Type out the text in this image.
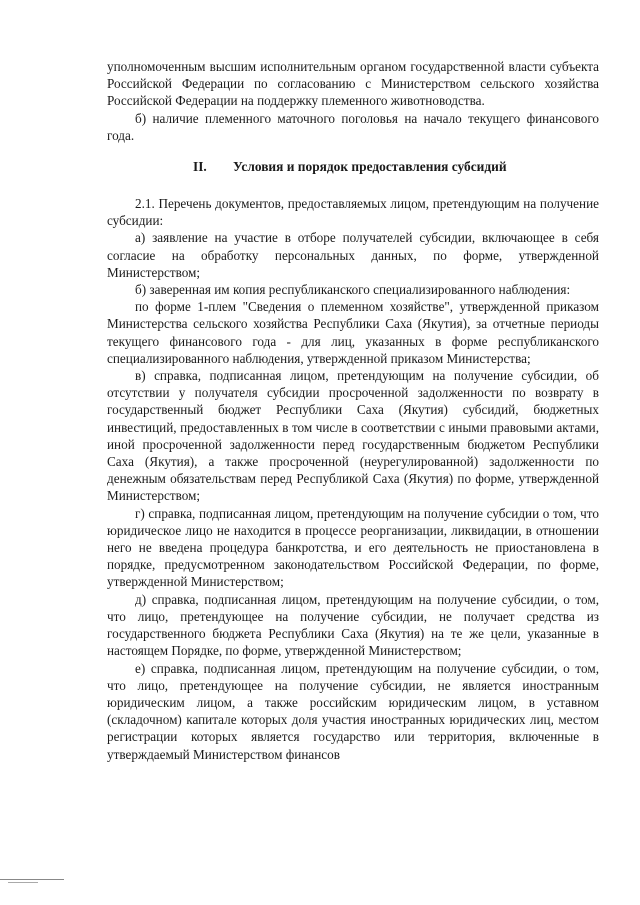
уполномоченным высшим исполнительным органом государственной власти субъекта Российской Федерации по согласованию с Министерством сельского хозяйства Российской Федерации на поддержку племенного животноводства.

б) наличие племенного маточного поголовья на начало текущего финансового года.

II. Условия и порядок предоставления субсидий

2.1. Перечень документов, предоставляемых лицом, претендующим на получение субсидии:

а) заявление на участие в отборе получателей субсидии, включающее в себя согласие на обработку персональных данных, по форме, утвержденной Министерством;

б) заверенная им копия республиканского специализированного наблюдения:

по форме 1-плем "Сведения о племенном хозяйстве", утвержденной приказом Министерства сельского хозяйства Республики Саха (Якутия), за отчетные периоды текущего финансового года - для лиц, указанных в форме республиканского специализированного наблюдения, утвержденной приказом Министерства;

в) справка, подписанная лицом, претендующим на получение субсидии, об отсутствии у получателя субсидии просроченной задолженности по возврату в государственный бюджет Республики Саха (Якутия) субсидий, бюджетных инвестиций, предоставленных в том числе в соответствии с иными правовыми актами, иной просроченной задолженности перед государственным бюджетом Республики Саха (Якутия), а также просроченной (неурегулированной) задолженности по денежным обязательствам перед Республикой Саха (Якутия) по форме, утвержденной Министерством;

г) справка, подписанная лицом, претендующим на получение субсидии о том, что юридическое лицо не находится в процессе реорганизации, ликвидации, в отношении него не введена процедура банкротства, и его деятельность не приостановлена в порядке, предусмотренном законодательством Российской Федерации, по форме, утвержденной Министерством;

д) справка, подписанная лицом, претендующим на получение субсидии, о том, что лицо, претендующее на получение субсидии, не получает средства из государственного бюджета Республики Саха (Якутия) на те же цели, указанные в настоящем Порядке, по форме, утвержденной Министерством;

е) справка, подписанная лицом, претендующим на получение субсидии, о том, что лицо, претендующее на получение субсидии, не является иностранным юридическим лицом, а также российским юридическим лицом, в уставном (складочном) капитале которых доля участия иностранных юридических лиц, местом регистрации которых является государство или территория, включенные в утверждаемый Министерством финансов
